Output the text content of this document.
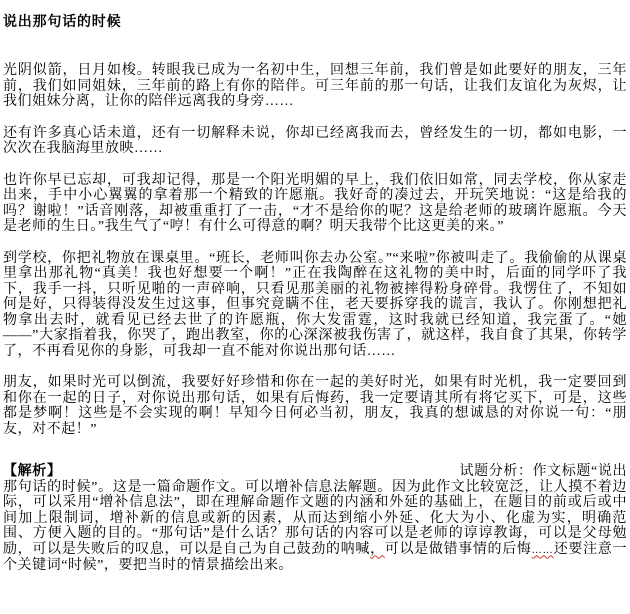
说出那句话的时候

光阴似箭，日月如梭。转眼我已成为一名初中生，回想三年前，我们曾是如此要好的朋友，三年前，我们如同姐妹，三年前的路上有你的陪伴。可三年前的那一句话，让我们友谊化为灰烬，让我们姐妹分离，让你的陪伴远离我的身旁……

还有许多真心话未道，还有一切解释未说，你却已经离我而去，曾经发生的一切，都如电影，一次次在我脑海里放映……

也许你早已忘却，可我却记得，那是一个阳光明媚的早上，我们依旧如常，同去学校，你从家走出来，手中小心翼翼的拿着那一个精致的许愿瓶。我好奇的凑过去，开玩笑地说：“这是给我的吗？谢啦！”话音刚落，却被重重打了一击，“才不是给你的呢？这是给老师的玻璃许愿瓶。今天是老师的生日。”我生气了“哼！有什么可得意的啊？明天我带个比这更美的来。”

到学校，你把礼物放在课桌里。“班长，老师叫你去办公室。”“来啦”你被叫走了。我偷偷的从课桌里拿出那礼物“真美！我也好想要一个啊！”正在我陶醉在这礼物的美中时，后面的同学吓了我下，我手一抖，只听见啪的一声碎响，只看见那美丽的礼物被摔得粉身碎骨。我愣住了，不知如何是好，只得装得没发生过这事，但事究竟瞒不住，老天要拆穿我的谎言，我认了。你刚想把礼物拿出去时，就看见已经去世了的许愿瓶，你大发雷霆，这时我就已经知道，我完蛋了。“她——”大家指着我，你哭了，跑出教室，你的心深深被我伤害了，就这样，我自食了其果，你转学了，不再看见你的身影，可我却一直不能对你说出那句话……

朋友，如果时光可以倒流，我要好好珍惜和你在一起的美好时光，如果有时光机，我一定要回到和你在一起的日子，对你说出那句话，如果有后悔药，我一定要请其所有将它买下，可是，这些都是梦啊！这些是不会实现的啊！早知今日何必当初，朋友，我真的想诚恳的对你说一句：“朋友，对不起！”

【解析】	试题分析：作文标题“说出那句话的时候”。这是一篇命题作文。可以增补信息法解题。因为此作文比较宽泛，让人摸不着边际，可以采用“增补信息法”，即在理解命题作文题的内涵和外延的基础上，在题目的前或后或中间加上限制词，增补新的信息或新的因素，从而达到缩小外延、化大为小、化虚为实，明确范围、方便入题的目的。“那句话”是什么话？那句话的内容可以是老师的谆谆教诲，可以是父母勉励，可以是失败后的叹息，可以是自己为自己鼓劲的呐喊，可以是做错事情的后悔……还要注意一个关键词“时候”，要把当时的情景描绘出来。
